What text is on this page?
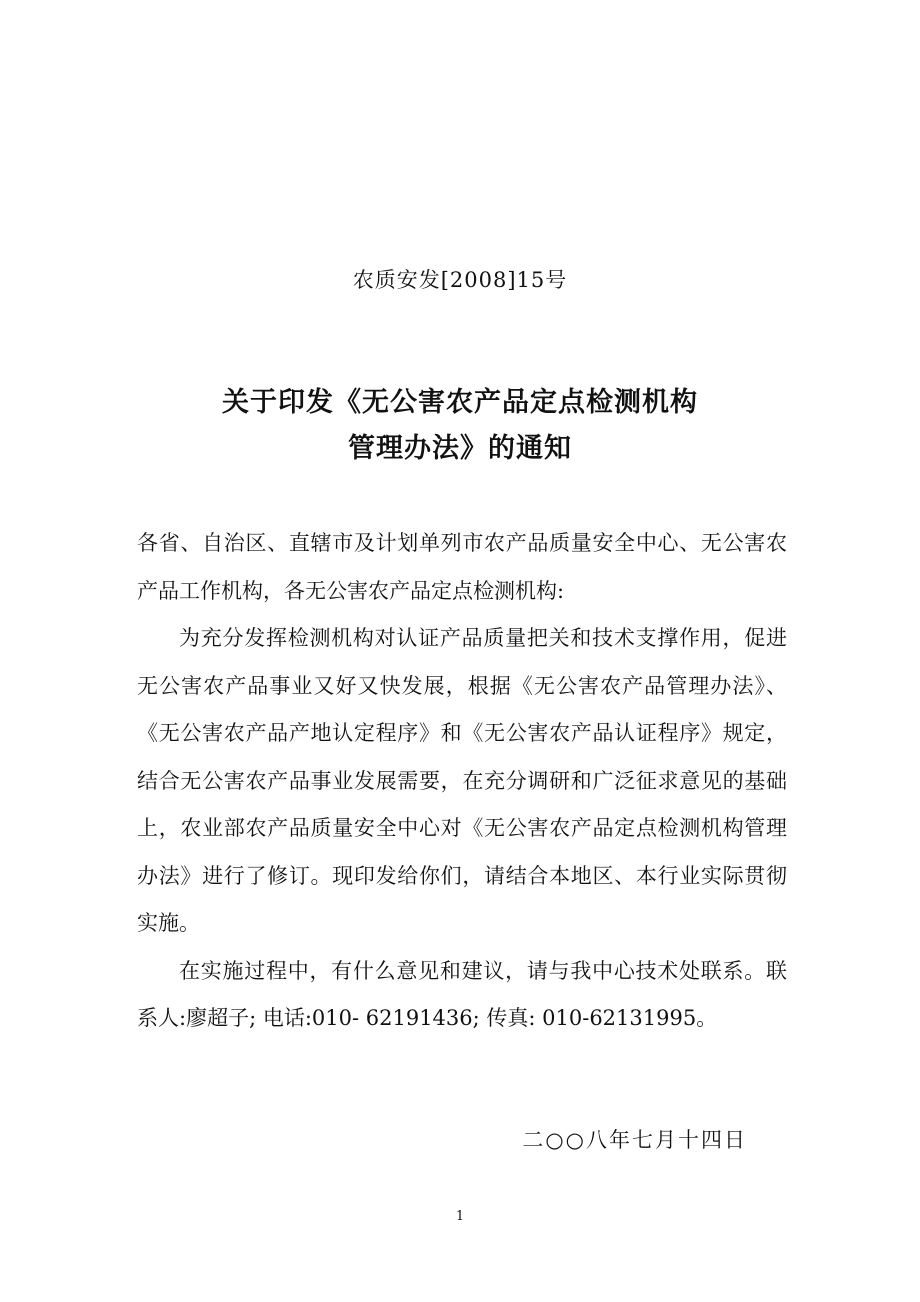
农质安发[2008]15号
关于印发《无公害农产品定点检测机构
管理办法》的通知

各省、自治区、直辖市及计划单列市农产品质量安全中心、无公害农产品工作机构，各无公害农产品定点检测机构:

为充分发挥检测机构对认证产品质量把关和技术支撑作用，促进无公害农产品事业又好又快发展，根据《无公害农产品管理办法》、《无公害农产品产地认定程序》和《无公害农产品认证程序》规定，结合无公害农产品事业发展需要，在充分调研和广泛征求意见的基础上，农业部农产品质量安全中心对《无公害农产品定点检测机构管理办法》进行了修订。现印发给你们，请结合本地区、本行业实际贯彻实施。

在实施过程中，有什么意见和建议，请与我中心技术处联系。联系人:廖超子; 电话:010- 62191436; 传真: 010-62131995。

二○○八年七月十四日
1
